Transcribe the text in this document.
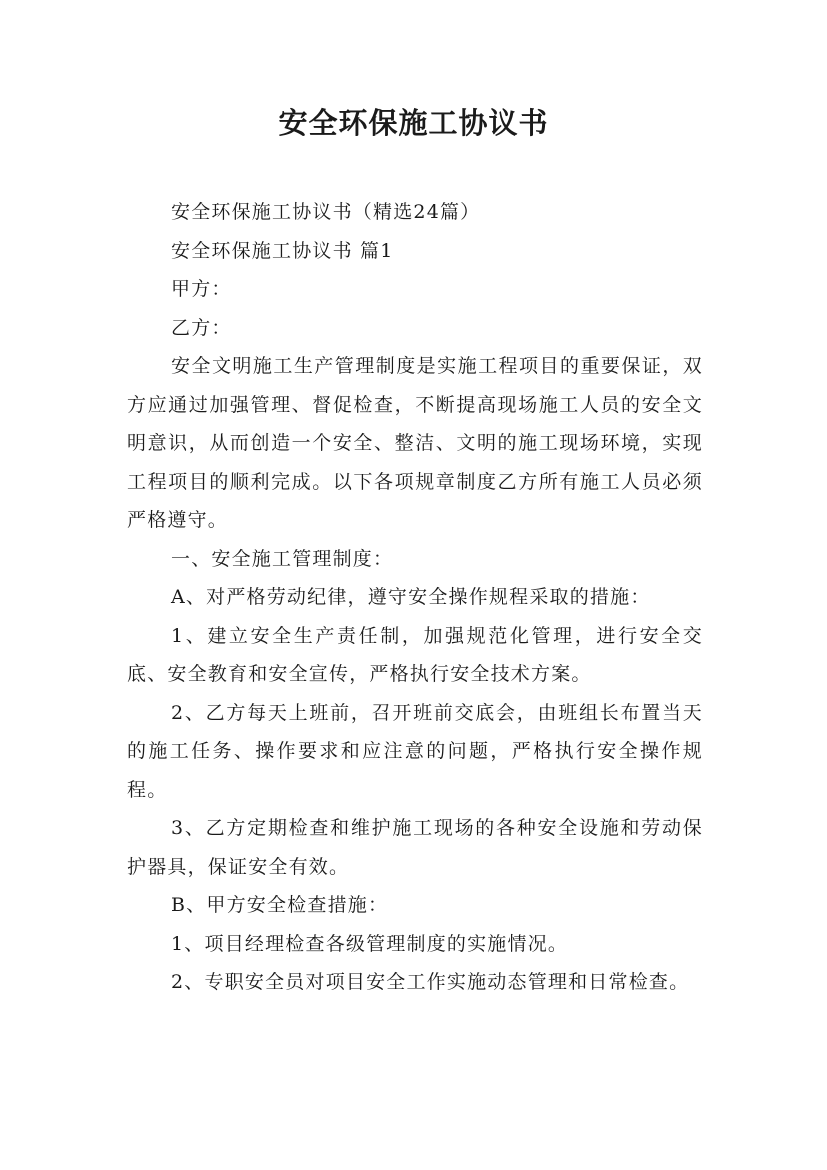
安全环保施工协议书

安全环保施工协议书（精选24篇）

安全环保施工协议书 篇1

甲方：

乙方：

安全文明施工生产管理制度是实施工程项目的重要保证，双方应通过加强管理、督促检查，不断提高现场施工人员的安全文明意识，从而创造一个安全、整洁、文明的施工现场环境，实现工程项目的顺利完成。以下各项规章制度乙方所有施工人员必须严格遵守。

一、安全施工管理制度：

A、对严格劳动纪律，遵守安全操作规程采取的措施：

1、建立安全生产责任制，加强规范化管理，进行安全交底、安全教育和安全宣传，严格执行安全技术方案。

2、乙方每天上班前，召开班前交底会，由班组长布置当天的施工任务、操作要求和应注意的问题，严格执行安全操作规程。

3、乙方定期检查和维护施工现场的各种安全设施和劳动保护器具，保证安全有效。

B、甲方安全检查措施：

1、项目经理检查各级管理制度的实施情况。

2、专职安全员对项目安全工作实施动态管理和日常检查。
